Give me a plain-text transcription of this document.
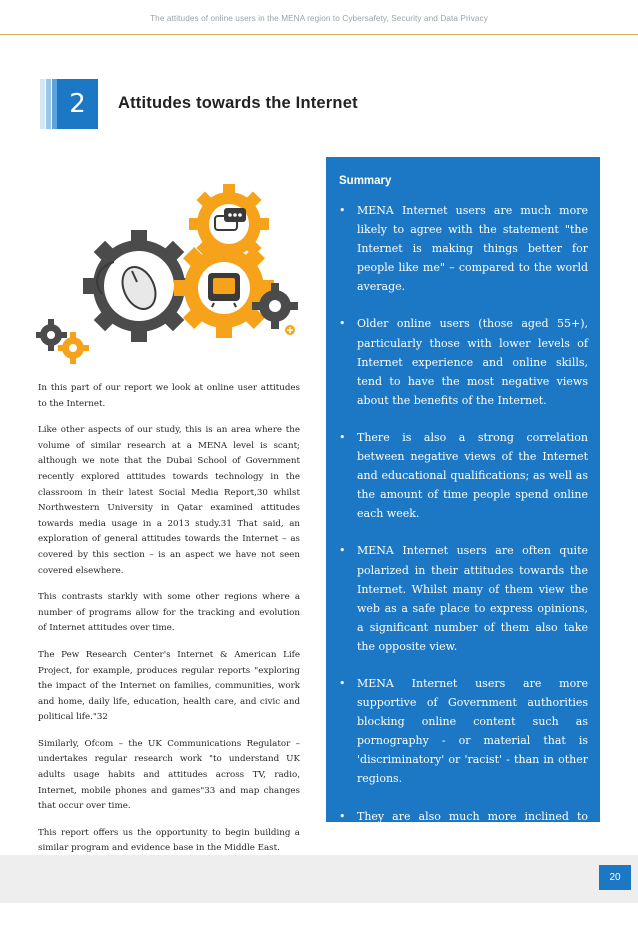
The attitudes of online users in the MENA region to Cybersafety, Security and Data Privacy
2	Attitudes towards the Internet

In this part of our report we look at online user attitudes to the Internet.

Like other aspects of our study, this is an area where the volume of similar research at a MENA level is scant; although we note that the Dubai School of Government recently explored attitudes towards technology in the classroom in their latest Social Media Report,30 whilst Northwestern University in Qatar examined attitudes towards media usage in a 2013 study.31 That said, an exploration of general attitudes towards the Internet – as covered by this section – is an aspect we have not seen covered elsewhere.

This contrasts starkly with some other regions where a number of programs allow for the tracking and evolution of Internet attitudes over time.

The Pew Research Center's Internet & American Life Project, for example, produces regular reports "exploring the impact of the Internet on families, communities, work and home, daily life, education, health care, and civic and political life."32

Similarly, Ofcom – the UK Communications Regulator – undertakes regular research work "to understand UK adults usage habits and attitudes across TV, radio, Internet, mobile phones and games"33 and map changes that occur over time.

This report offers us the opportunity to begin building a similar program and evidence base in the Middle East.

Summary
• MENA Internet users are much more likely to agree with the statement "the Internet is making things better for people like me" – compared to the world average.
• Older online users (those aged 55+), particularly those with lower levels of Internet experience and online skills, tend to have the most negative views about the benefits of the Internet.
• There is also a strong correlation between negative views of the Internet and educational qualifications; as well as the amount of time people spend online each week.
• MENA Internet users are often quite polarized in their attitudes towards the Internet. Whilst many of them view the web as a safe place to express opinions, a significant number of them also take the opposite view.
• MENA Internet users are more supportive of Government authorities blocking online content such as pornography - or material that is 'discriminatory' or 'racist' - than in other regions.
• They are also much more inclined to argue that these bodies should censor subject.
20
